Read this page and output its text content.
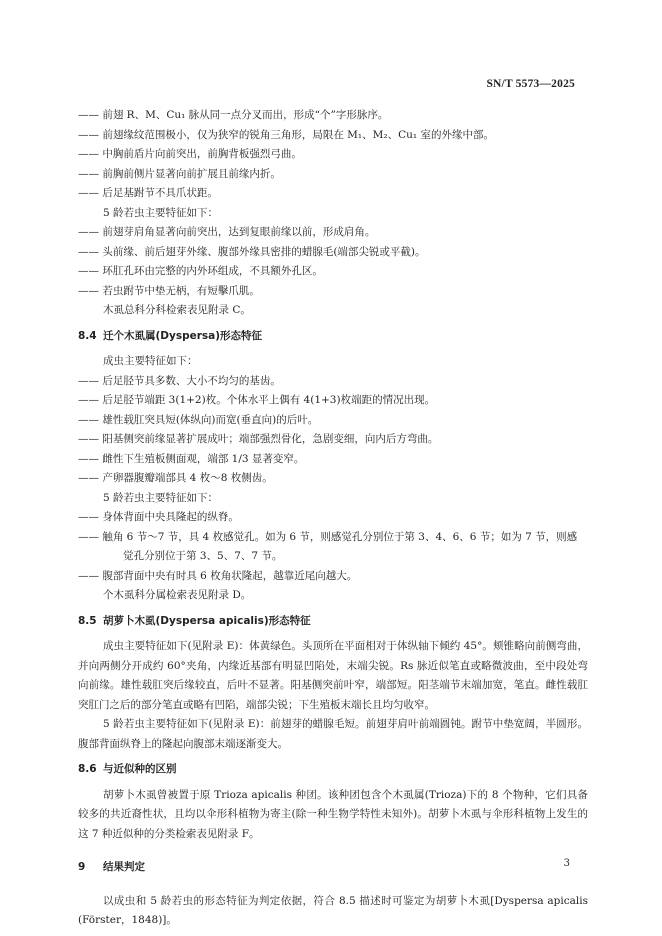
SN/T 5573—2025
—— 前翅 R、M、Cu₁ 脉从同一点分叉而出，形成“个”字形脉序。
—— 前翅缘纹范围极小，仅为狭窄的锐角三角形，局限在 M₁、M₂、Cu₁ 室的外缘中部。
—— 中胸前盾片向前突出，前胸背板强烈弓曲。
—— 前胸前侧片显著向前扩展且前缘内折。
—— 后足基跗节不具爪状距。
5 龄若虫主要特征如下：
—— 前翅芽肩角显著向前突出，达到复眼前缘以前，形成肩角。
—— 头前缘、前后翅芽外缘、腹部外缘具密排的蜡腺毛(端部尖锐或平截)。
—— 环肛孔环由完整的内外环组成，不具额外孔区。
—— 若虫跗节中垫无柄，有短擊爪肌。
木虱总科分科检索表见附录 C。
8.4 迁个木虱属(Dyspersa)形态特征
成虫主要特征如下：
—— 后足胫节具多数、大小不均匀的基齿。
—— 后足胫节端距 3(1+2)枚。个体水平上偶有 4(1+3)枚端距的情况出现。
—— 雄性载肛突具短(体纵向)而宽(垂直向)的后叶。
—— 阳基侧突前缘显著扩展成叶；端部强烈骨化，急剧变细，向内后方弯曲。
—— 雌性下生殖板侧面观，端部 1/3 显著变窄。
—— 产卵器腹瓣端部具 4 枚～8 枚侧齿。
5 龄若虫主要特征如下：
—— 身体背面中央具隆起的纵脊。
—— 触角 6 节～7 节，具 4 枚感觉孔。如为 6 节，则感觉孔分别位于第 3、4、6、6 节；如为 7 节，则感
觉孔分别位于第 3、5、7、7 节。
—— 腹部背面中央有时具 6 枚角状隆起，越靠近尾向越大。
个木虱科分属检索表见附录 D。
8.5 胡萝卜木虱(Dyspersa apicalis)形态特征

成虫主要特征如下(见附录 E)：体黄绿色。头顶所在平面相对于体纵轴下倾约 45°。颊锥略向前侧弯曲，并向两侧分开成约 60°夹角，内缘近基部有明显凹陷处，末端尖锐。Rs 脉近似笔直或略微波曲，至中段处弯向前缘。雄性载肛突后缘较直，后叶不显著。阳基侧突前叶窄，端部短。阳茎端节末端加宽，笔直。雌性载肛突肛门之后的部分笔直或略有凹陷，端部尖锐；下生殖板末端长且均匀收窄。

5 龄若虫主要特征如下(见附录 E)：前翅芽的蜡腺毛短。前翅芽肩叶前端圆钝。跗节中垫宽阔，半圆形。腹部背面纵脊上的隆起向腹部末端逐渐变大。

8.6 与近似种的区别

胡萝卜木虱曾被置于原 Trioza apicalis 种团。该种团包含个木虱属(Trioza)下的 8 个物种，它们具备较多的共近裔性状，且均以伞形科植物为寄主(除一种生物学特性未知外)。胡萝卜木虱与伞形科植物上发生的这 7 种近似种的分类检索表见附录 F。

9 结果判定

以成虫和 5 龄若虫的形态特征为判定依据，符合 8.5 描述时可鉴定为胡萝卜木虱[Dyspersa apicalis (Förster，1848)]。

3
